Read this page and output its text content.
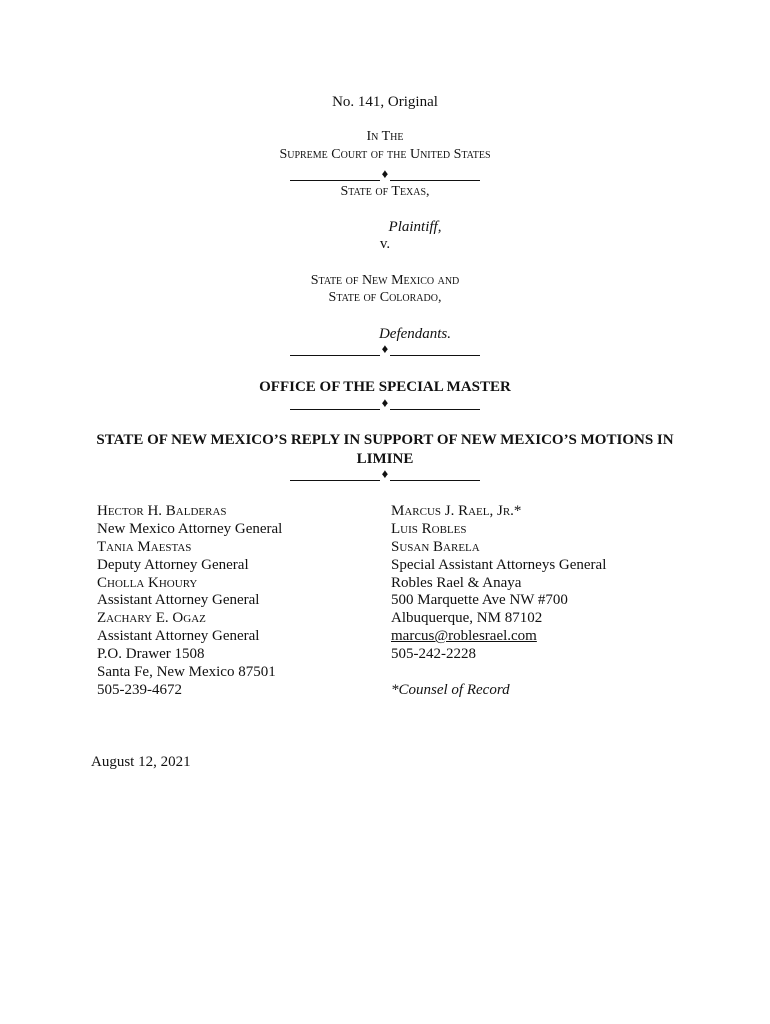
No. 141, Original
In The
Supreme Court of the United States
♦
State of Texas,
Plaintiff,
v.
State of New Mexico and
State of Colorado,
Defendants.
♦
OFFICE OF THE SPECIAL MASTER
♦
STATE OF NEW MEXICO’S REPLY IN SUPPORT OF NEW MEXICO’S MOTIONS IN
LIMINE
♦
Hector H. Balderas
New Mexico Attorney General
Tania Maestas
Deputy Attorney General
Cholla Khoury
Assistant Attorney General
Zachary E. Ogaz
Assistant Attorney General
P.O. Drawer 1508
Santa Fe, New Mexico 87501
505-239-4672
Marcus J. Rael, Jr.*
Luis Robles
Susan Barela
Special Assistant Attorneys General
Robles Rael & Anaya
500 Marquette Ave NW #700
Albuquerque, NM 87102
marcus@roblesrael.com
505-242-2228
*Counsel of Record
August 12, 2021
